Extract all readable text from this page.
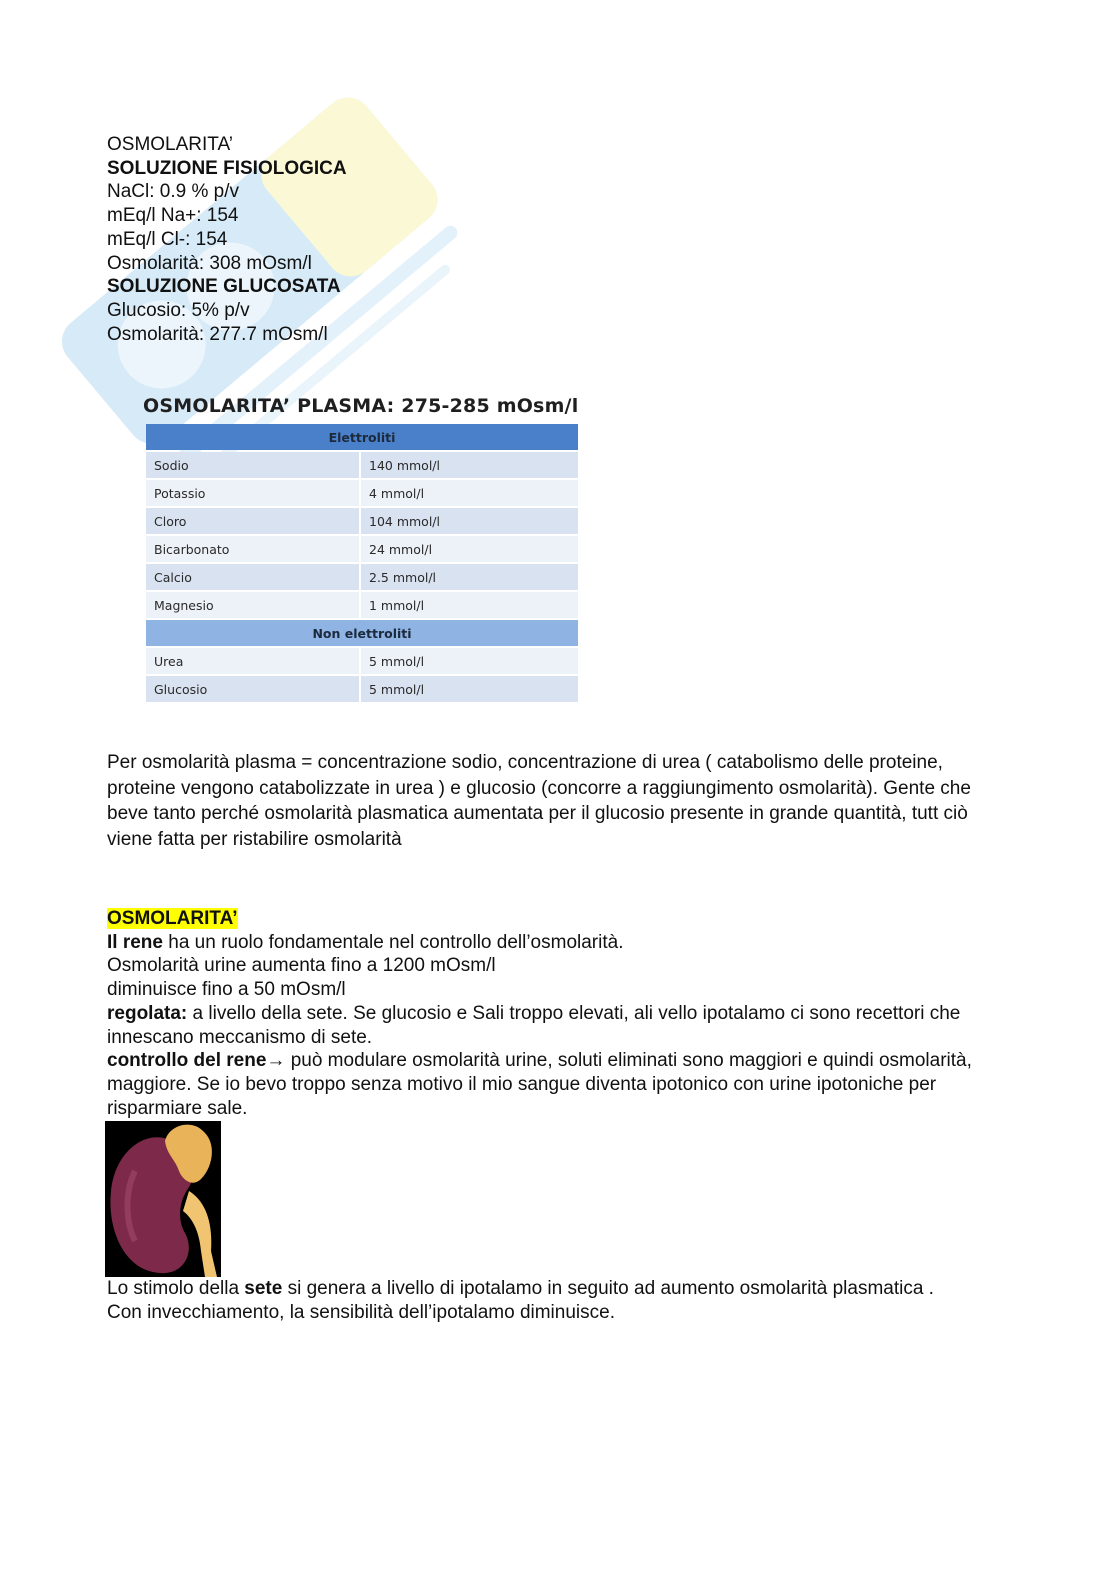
OSMOLARITA’
SOLUZIONE FISIOLOGICA
NaCl: 0.9 % p/v
mEq/l Na+: 154
mEq/l Cl-: 154
Osmolarità: 308 mOsm/l
SOLUZIONE GLUCOSATA
Glucosio: 5% p/v
Osmolarità: 277.7 mOsm/l
OSMOLARITA’ PLASMA: 275-285 mOsm/l
Elettroliti	
Sodio	140 mmol/l
Potassio	4 mmol/l
Cloro	104 mmol/l
Bicarbonato	24 mmol/l
Calcio	2.5 mmol/l
Magnesio	1 mmol/l
Non elettroliti	
Urea	5 mmol/l
Glucosio	5 mmol/l
Per osmolarità plasma = concentrazione sodio, concentrazione di urea ( catabolismo delle proteine, proteine vengono catabolizzate in urea ) e glucosio (concorre a raggiungimento osmolarità). Gente che beve tanto perché osmolarità plasmatica aumentata per il glucosio presente in grande quantità, tutt ciò viene fatta per ristabilire osmolarità
OSMOLARITA’
Il rene ha un ruolo fondamentale nel controllo dell’osmolarità.
Osmolarità urine aumenta fino a 1200 mOsm/l
diminuisce fino a 50 mOsm/l
regolata: a livello della sete. Se glucosio e Sali troppo elevati, ali vello ipotalamo ci sono recettori che innescano meccanismo di sete.
controllo del rene→ può modulare osmolarità urine, soluti eliminati sono maggiori e quindi osmolarità, maggiore. Se io bevo troppo senza motivo il mio sangue diventa ipotonico con urine ipotoniche per risparmiare sale.
Lo stimolo della sete si genera a livello di ipotalamo in seguito ad aumento osmolarità plasmatica .
Con invecchiamento, la sensibilità dell’ipotalamo diminuisce.
